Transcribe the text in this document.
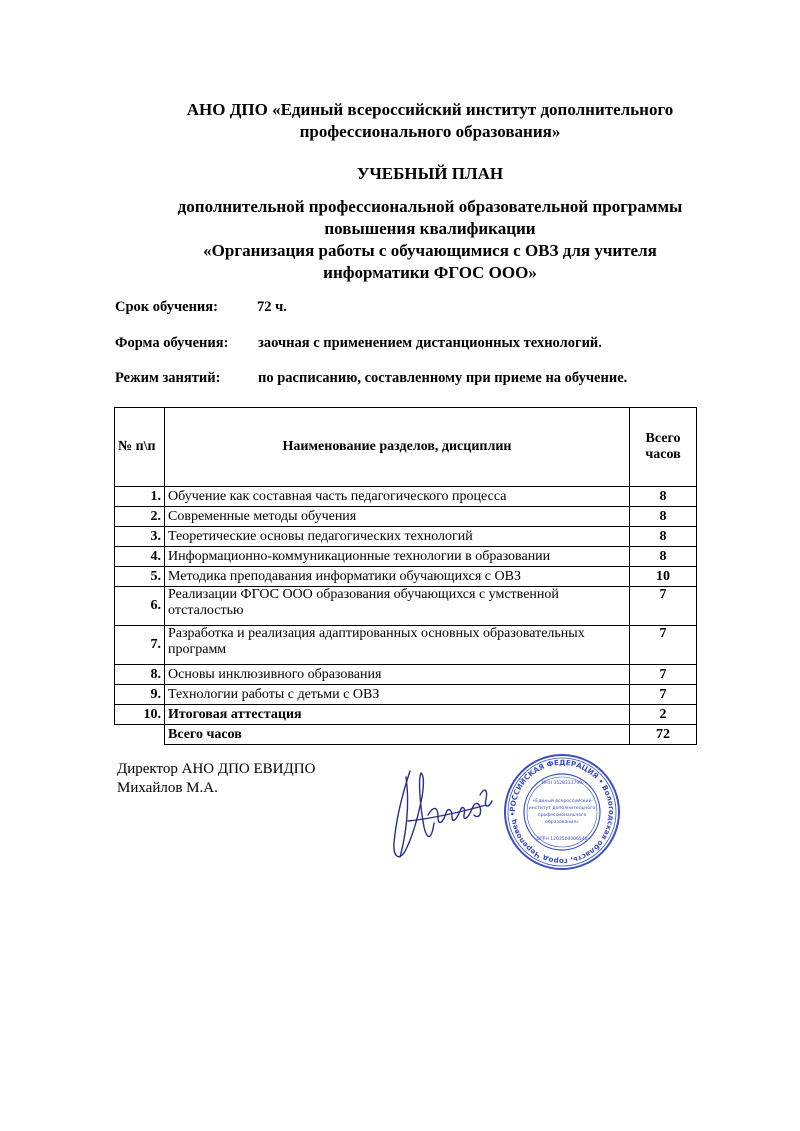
АНО ДПО «Единый всероссийский институт дополнительного
профессионального образования»
УЧЕБНЫЙ ПЛАН
дополнительной профессиональной образовательной программы
повышения квалификации
«Организация работы с обучающимися с ОВЗ для учителя
информатики ФГОС ООО»
Срок обучения:	72 ч.
Форма обучения: заочная с применением дистанционных технологий.
Режим занятий:	по расписанию, составленному при приеме на обучение.
№ п\п	Наименование разделов, дисциплин	Всего
часов

1.	Обучение как составная часть педагогического процесса	8
2.	Современные методы обучения	8
3.	Теоретические основы педагогических технологий	8
4.	Информационно-коммуникационные технологии в образовании	8
5.	Методика преподавания информатики обучающихся с ОВЗ	10
6.	Реализации ФГОС ООО образования обучающихся с умственной отсталостью	7
7.	Разработка и реализация адаптированных основных образовательных программ	7
8.	Основы инклюзивного образования	7
9.	Технологии работы с детьми с ОВЗ	7
10.	Итоговая аттестация	2
	Всего часов	72
Директор АНО ДПО ЕВИДПО
Михайлов М.А.
РОССИЙСКАЯ ФЕДЕРАЦИЯ • Вологодская область, город Череповец •
ИНН 3528313790
«Единый всероссийский
институт дополнительного
профессионального
образования»
ОГРН 1203500006540
